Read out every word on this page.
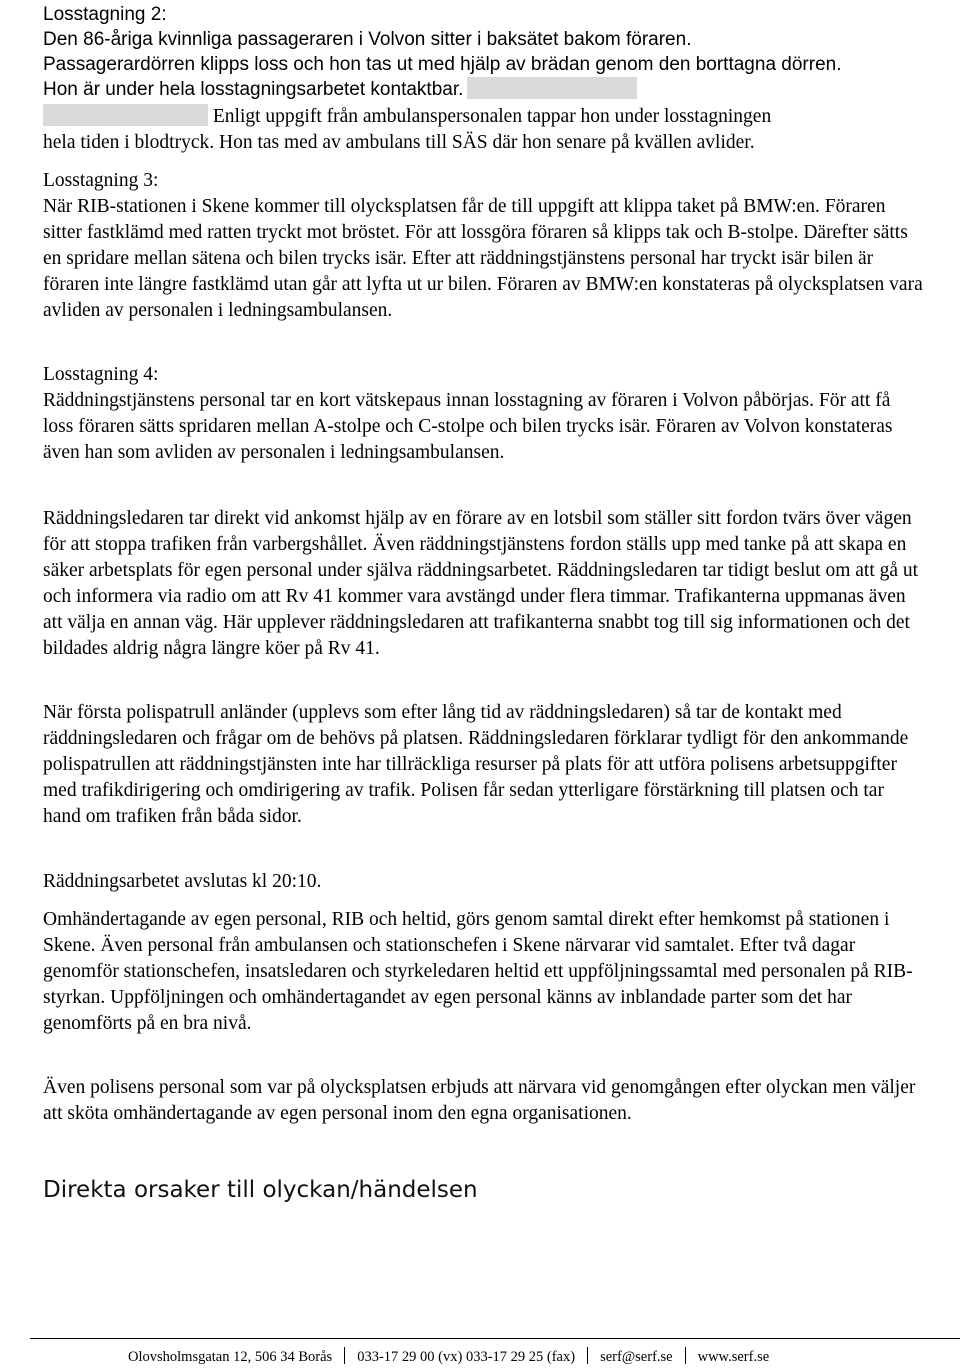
Losstagning 2:
Den 86-åriga kvinnliga passageraren i Volvon sitter i baksätet bakom föraren.
Passagerardörren klipps loss och hon tas ut med hjälp av brädan genom den borttagna dörren.
Hon är under hela losstagningsarbetet kontaktbar.
Enligt uppgift från ambulanspersonalen tappar hon under losstagningen
hela tiden i blodtryck. Hon tas med av ambulans till SÄS där hon senare på kvällen avlider.

Losstagning 3:

När RIB-stationen i Skene kommer till olycksplatsen får de till uppgift att klippa taket på BMW:en. Föraren sitter fastklämd med ratten tryckt mot bröstet. För att lossgöra föraren så klipps tak och B-stolpe. Därefter sätts en spridare mellan sätena och bilen trycks isär. Efter att räddningstjänstens personal har tryckt isär bilen är föraren inte längre fastklämd utan går att lyfta ut ur bilen. Föraren av BMW:en konstateras på olycksplatsen vara avliden av personalen i ledningsambulansen.

Losstagning 4:

Räddningstjänstens personal tar en kort vätskepaus innan losstagning av föraren i Volvon påbörjas. För att få loss föraren sätts spridaren mellan A-stolpe och C-stolpe och bilen trycks isär. Föraren av Volvon konstateras även han som avliden av personalen i ledningsambulansen.

Räddningsledaren tar direkt vid ankomst hjälp av en förare av en lotsbil som ställer sitt fordon tvärs över vägen för att stoppa trafiken från varbergshållet. Även räddningstjänstens fordon ställs upp med tanke på att skapa en säker arbetsplats för egen personal under själva räddningsarbetet. Räddningsledaren tar tidigt beslut om att gå ut och informera via radio om att Rv 41 kommer vara avstängd under flera timmar. Trafikanterna uppmanas även att välja en annan väg. Här upplever räddningsledaren att trafikanterna snabbt tog till sig informationen och det bildades aldrig några längre köer på Rv 41.

När första polispatrull anländer (upplevs som efter lång tid av räddningsledaren) så tar de kontakt med räddningsledaren och frågar om de behövs på platsen. Räddningsledaren förklarar tydligt för den ankommande polispatrullen att räddningstjänsten inte har tillräckliga resurser på plats för att utföra polisens arbetsuppgifter med trafikdirigering och omdirigering av trafik. Polisen får sedan ytterligare förstärkning till platsen och tar hand om trafiken från båda sidor.

Räddningsarbetet avslutas kl 20:10.

Omhändertagande av egen personal, RIB och heltid, görs genom samtal direkt efter hemkomst på stationen i Skene. Även personal från ambulansen och stationschefen i Skene närvarar vid samtalet. Efter två dagar genomför stationschefen, insatsledaren och styrkeledaren heltid ett uppföljningssamtal med personalen på RIB-styrkan. Uppföljningen och omhändertagandet av egen personal känns av inblandade parter som det har genomförts på en bra nivå.

Även polisens personal som var på olycksplatsen erbjuds att närvara vid genomgången efter olyckan men väljer att sköta omhändertagande av egen personal inom den egna organisationen.

Direkta orsaker till olyckan/händelsen
Olovsholmsgatan 12, 506 34 Borås 033-17 29 00 (vx) 033-17 29 25 (fax) serf@serf.se www.serf.se
